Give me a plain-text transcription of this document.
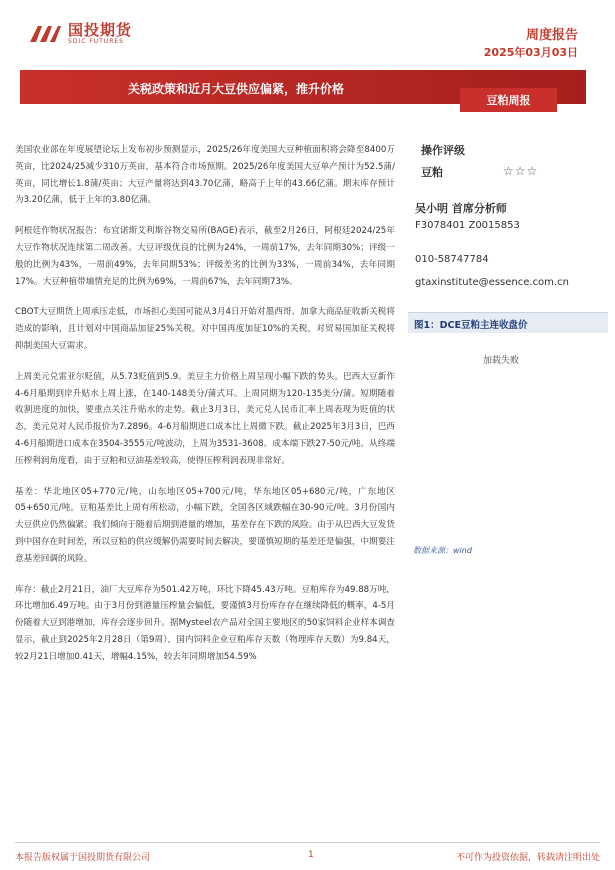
国投期货
SDIC FUTURES	周度报告
2025年03月03日
关税政策和近月大豆供应偏紧，推升价格
豆粕周报

美国农业部在年度展望论坛上发布初步预测显示，2025/26年度美国大豆种植面积将会降至8400万英亩，比2024/25减少310万英亩，基本符合市场预期。2025/26年度美国大豆单产预计为52.5蒲/英亩，同比增长1.8蒲/英亩；大豆产量将达到43.70亿蒲，略高于上年的43.66亿蒲。期末库存预计为3.20亿蒲，低于上年的3.80亿蒲。

阿根廷作物状况报告：布宜诺斯艾利斯谷物交易所(BAGE)表示，截至2月26日，阿根廷2024/25年大豆作物状况连续第二周改善。大豆评级优良的比例为24%，一周前17%，去年同期30%；评级一般的比例为43%，一周前49%，去年同期53%；评级差劣的比例为33%，一周前34%，去年同期17%。大豆种植带墒情充足的比例为69%，一周前67%，去年同期73%。

CBOT大豆期货上周承压走低，市场担心美国可能从3月4日开始对墨西哥、加拿大商品征收新关税将造成的影响，且计划对中国商品加征25%关税。对中国再度加征10%的关税，对贸易国加征关税将抑制美国大豆需求。

上周美元兑雷亚尔贬值，从5.73贬值到5.9。美豆主力价格上周呈现小幅下跌的势头。巴西大豆新作4-6月船期到岸升贴水上周上涨，在140-148美分/蒲式耳。上周同期为120-135美分/蒲。短期随着收割进度的加快，要重点关注升贴水的走势。截止3月3日，美元兑人民币汇率上周表现为贬值的状态，美元兑对人民币报价为7.2896。4-6月船期进口成本比上周微下跌。截止2025年3月3日，巴西4-6月船期进口成本在3504-3555元/吨波动，上周为3531-3608。成本端下跌27-50元/吨。从终端压榨利润角度看，由于豆粕和豆油基差较高，使得压榨利润表现非常好。

基差：华北地区05+770元/吨，山东地区05+700元/吨，华东地区05+680元/吨，广东地区05+650元/吨。豆粕基差比上周有所松动，小幅下跌，全国各区域跌幅在30-90元/吨。3月份国内大豆供应仍然偏紧。我们倾向于随着后期到港量的增加，基差存在下跌的风险。由于从巴西大豆发货到中国存在时间差，所以豆粕的供应缓解仍需要时间去解决，要谨慎短期的基差还是偏强，中期要注意基差回调的风险。

库存：截止2月21日，油厂大豆库存为501.42万吨，环比下降45.43万吨。豆粕库存为49.88万吨，环比增加6.49万吨。由于3月份到港量压榨量会偏低，要谨慎3月份库存存在继续降低的概率，4-5月份随着大豆到港增加，库存会逐步回升。据Mysteel农产品对全国主要地区的50家饲料企业样本调查显示，截止到2025年2月28日（第9周），国内饲料企业豆粕库存天数（物理库存天数）为9.84天，较2月21日增加0.41天，增幅4.15%，较去年同期增加54.59%

操作评级
豆粕	☆☆☆
吴小明 首席分析师
F3078401 Z0015853
010-58747784
gtaxinstitute@essence.com.cn
图1：DCE豆粕主连收盘价
加载失败
数据来源：wind
本报告版权属于国投期货有限公司	1	不可作为投资依据，转载请注明出处
